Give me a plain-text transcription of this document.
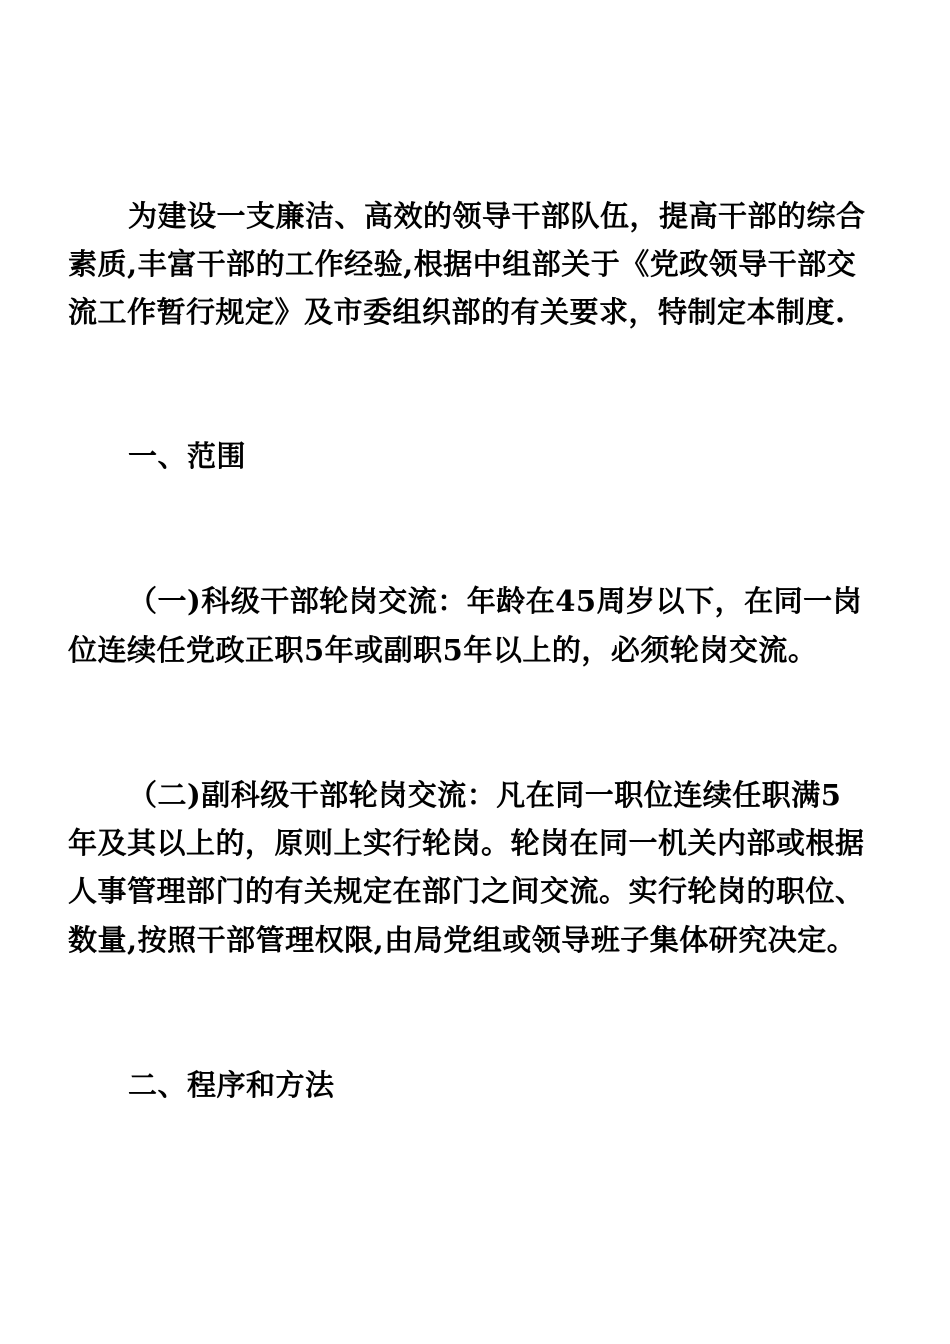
为建设一支廉洁、高效的领导干部队伍，提高干部的综合

素质,丰富干部的工作经验,根据中组部关于《党政领导干部交

流工作暂行规定》及市委组织部的有关要求，特制定本制度.

一、范围

（一)科级干部轮岗交流：年龄在45周岁以下，在同一岗

位连续任党政正职5年或副职5年以上的，必须轮岗交流。

（二)副科级干部轮岗交流：凡在同一职位连续任职满5

年及其以上的，原则上实行轮岗。轮岗在同一机关内部或根据

人事管理部门的有关规定在部门之间交流。实行轮岗的职位、

数量,按照干部管理权限,由局党组或领导班子集体研究决定。

二、程序和方法
